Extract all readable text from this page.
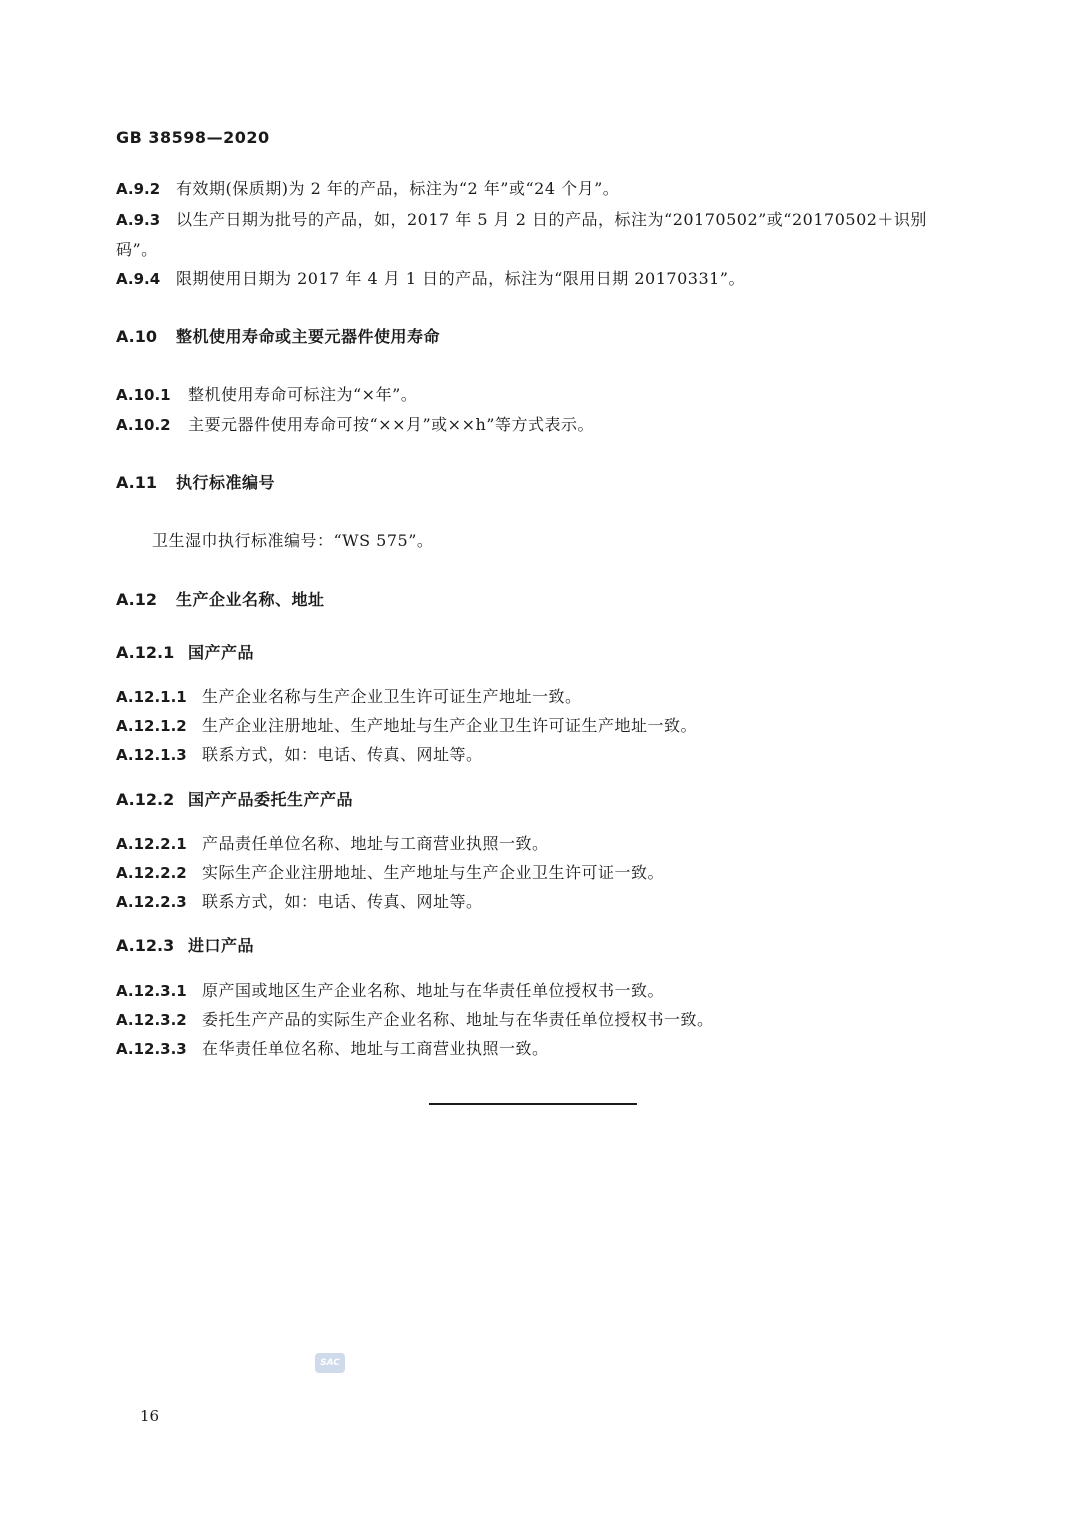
GB 38598—2020
A.9.2 有效期(保质期)为 2 年的产品，标注为“2 年”或“24 个月”。
A.9.3 以生产日期为批号的产品，如，2017 年 5 月 2 日的产品，标注为“20170502”或“20170502＋识别码”。
A.9.4 限期使用日期为 2017 年 4 月 1 日的产品，标注为“限用日期 20170331”。
A.10 整机使用寿命或主要元器件使用寿命
A.10.1 整机使用寿命可标注为“×年”。
A.10.2 主要元器件使用寿命可按“××月”或××h”等方式表示。
A.11 执行标准编号
卫生湿巾执行标准编号：“WS 575”。
A.12 生产企业名称、地址
A.12.1 国产产品
A.12.1.1 生产企业名称与生产企业卫生许可证生产地址一致。
A.12.1.2 生产企业注册地址、生产地址与生产企业卫生许可证生产地址一致。
A.12.1.3 联系方式，如：电话、传真、网址等。
A.12.2 国产产品委托生产产品
A.12.2.1 产品责任单位名称、地址与工商营业执照一致。
A.12.2.2 实际生产企业注册地址、生产地址与生产企业卫生许可证一致。
A.12.2.3 联系方式，如：电话、传真、网址等。
A.12.3 进口产品
A.12.3.1 原产国或地区生产企业名称、地址与在华责任单位授权书一致。
A.12.3.2 委托生产产品的实际生产企业名称、地址与在华责任单位授权书一致。
A.12.3.3 在华责任单位名称、地址与工商营业执照一致。
SAC
16
